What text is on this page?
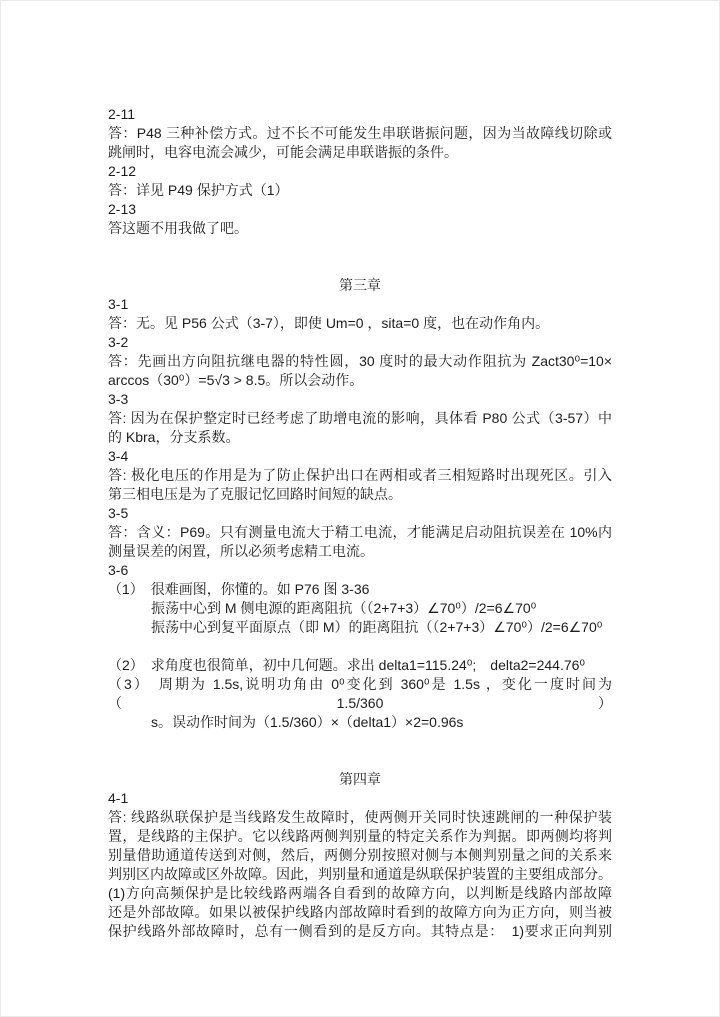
2-11
答：P48 三种补偿方式。过不长不可能发生串联谐振问题，因为当故障线切除或
跳闸时，电容电流会减少，可能会满足串联谐振的条件。
2-12
答：详见 P49 保护方式（1）
2-13
答这题不用我做了吧。
第三章
3-1
答：无。见 P56 公式（3-7），即使 Um=0 ，sita=0 度，也在动作角内。
3-2
答：先画出方向阻抗继电器的特性圆，30 度时的最大动作阻抗为 Zact30⁰=10×
arccos（30⁰）=5√3 > 8.5。所以会动作。
3-3
答: 因为在保护整定时已经考虑了助增电流的影响，具体看 P80 公式（3-57）中
的 Kbra，分支系数。
3-4
答: 极化电压的作用是为了防止保护出口在两相或者三相短路时出现死区。引入
第三相电压是为了克服记忆回路时间短的缺点。
3-5
答：含义：P69。只有测量电流大于精工电流，才能满足启动阻抗误差在 10%内
测量误差的闲置，所以必须考虑精工电流。
3-6
（1）　很难画图，你懂的。如 P76 图 3-36
振荡中心到 M 侧电源的距离阻抗（（2+7+3）∠70⁰）/2=6∠70⁰
振荡中心到复平面原点（即 M）的距离阻抗（（2+7+3）∠70⁰）/2=6∠70⁰
（2）　求角度也很简单，初中几何题。求出 delta1=115.24⁰;　delta2=244.76⁰
（3）　周期为 1.5s,说明功角由 0⁰变化到 360⁰是 1.5s ，变化一度时间为（1.5/360）
s。误动作时间为（1.5/360）×（delta1）×2=0.96s
第四章
4-1
答: 线路纵联保护是当线路发生故障时，使两侧开关同时快速跳闸的一种保护装
置，是线路的主保护。它以线路两侧判别量的特定关系作为判据。即两侧均将判
别量借助通道传送到对侧，然后，两侧分别按照对侧与本侧判别量之间的关系来
判别区内故障或区外故障。因此，判别量和通道是纵联保护装置的主要组成部分。
(1)方向高频保护是比较线路两端各自看到的故障方向，以判断是线路内部故障
还是外部故障。如果以被保护线路内部故障时看到的故障方向为正方向，则当被
保护线路外部故障时，总有一侧看到的是反方向。其特点是：　1)要求正向判别
